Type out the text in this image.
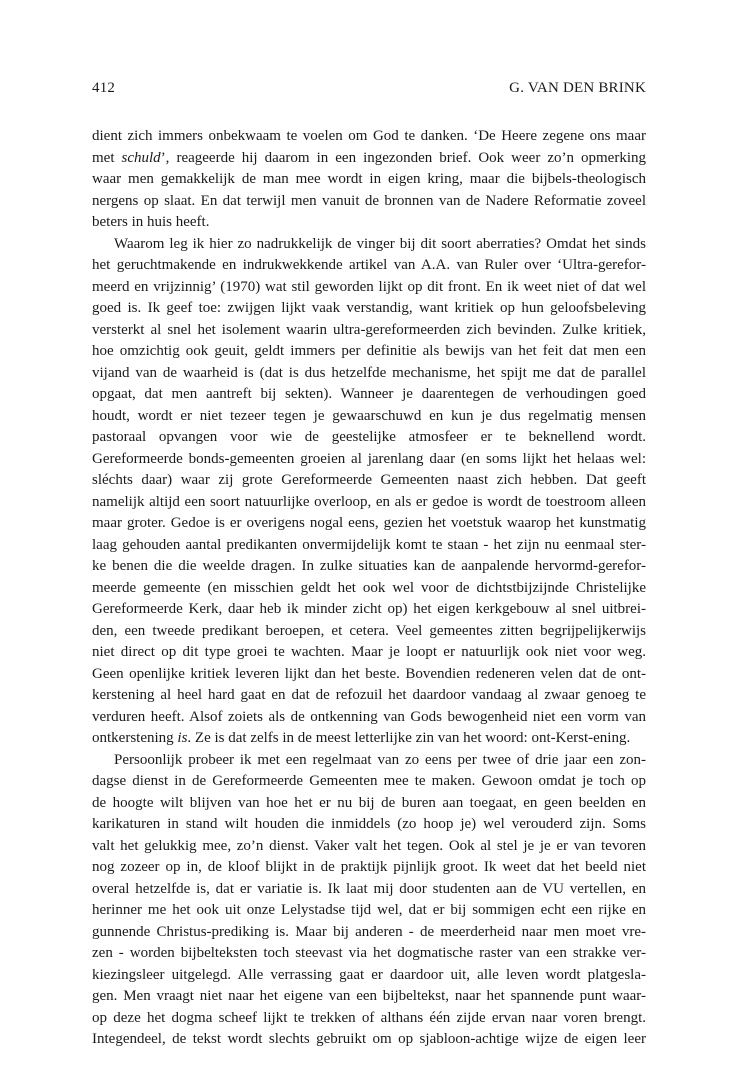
412	G. VAN DEN BRINK

dient zich immers onbekwaam te voelen om God te danken. ‘De Heere zegene ons maar
met schuld’, reageerde hij daarom in een ingezonden brief. Ook weer zo’n opmerking
waar men gemakkelijk de man mee wordt in eigen kring, maar die bijbels-theologisch
nergens op slaat. En dat terwijl men vanuit de bronnen van de Nadere Reformatie zoveel
beters in huis heeft.

Waarom leg ik hier zo nadrukkelijk de vinger bij dit soort aberraties? Omdat het sinds
het geruchtmakende en indrukwekkende artikel van A.A. van Ruler over ‘Ultra-gerefor-
meerd en vrijzinnig’ (1970) wat stil geworden lijkt op dit front. En ik weet niet of dat wel
goed is. Ik geef toe: zwijgen lijkt vaak verstandig, want kritiek op hun geloofsbeleving
versterkt al snel het isolement waarin ultra-gereformeerden zich bevinden. Zulke kritiek,
hoe omzichtig ook geuit, geldt immers per definitie als bewijs van het feit dat men een
vijand van de waarheid is (dat is dus hetzelfde mechanisme, het spijt me dat de parallel
opgaat, dat men aantreft bij sekten). Wanneer je daarentegen de verhoudingen goed
houdt, wordt er niet tezeer tegen je gewaarschuwd en kun je dus regelmatig mensen
pastoraal opvangen voor wie de geestelijke atmosfeer er te beknellend wordt.
Gereformeerde bonds-gemeenten groeien al jarenlang daar (en soms lijkt het helaas wel:
sléchts daar) waar zij grote Gereformeerde Gemeenten naast zich hebben. Dat geeft
namelijk altijd een soort natuurlijke overloop, en als er gedoe is wordt de toestroom alleen
maar groter. Gedoe is er overigens nogal eens, gezien het voetstuk waarop het kunstmatig
laag gehouden aantal predikanten onvermijdelijk komt te staan - het zijn nu eenmaal ster-
ke benen die die weelde dragen. In zulke situaties kan de aanpalende hervormd-gerefor-
meerde gemeente (en misschien geldt het ook wel voor de dichtstbijzijnde Christelijke
Gereformeerde Kerk, daar heb ik minder zicht op) het eigen kerkgebouw al snel uitbrei-
den, een tweede predikant beroepen, et cetera. Veel gemeentes zitten begrijpelijkerwijs
niet direct op dit type groei te wachten. Maar je loopt er natuurlijk ook niet voor weg.
Geen openlijke kritiek leveren lijkt dan het beste. Bovendien redeneren velen dat de ont-
kerstening al heel hard gaat en dat de refozuil het daardoor vandaag al zwaar genoeg te
verduren heeft. Alsof zoiets als de ontkenning van Gods bewogenheid niet een vorm van
ontkerstening is. Ze is dat zelfs in de meest letterlijke zin van het woord: ont-Kerst-ening.

Persoonlijk probeer ik met een regelmaat van zo eens per twee of drie jaar een zon-
dagse dienst in de Gereformeerde Gemeenten mee te maken. Gewoon omdat je toch op
de hoogte wilt blijven van hoe het er nu bij de buren aan toegaat, en geen beelden en
karikaturen in stand wilt houden die inmiddels (zo hoop je) wel verouderd zijn. Soms
valt het gelukkig mee, zo’n dienst. Vaker valt het tegen. Ook al stel je je er van tevoren
nog zozeer op in, de kloof blijkt in de praktijk pijnlijk groot. Ik weet dat het beeld niet
overal hetzelfde is, dat er variatie is. Ik laat mij door studenten aan de VU vertellen, en
herinner me het ook uit onze Lelystadse tijd wel, dat er bij sommigen echt een rijke en
gunnende Christus-prediking is. Maar bij anderen - de meerderheid naar men moet vre-
zen - worden bijbelteksten toch steevast via het dogmatische raster van een strakke ver-
kiezingsleer uitgelegd. Alle verrassing gaat er daardoor uit, alle leven wordt platgesla-
gen. Men vraagt niet naar het eigene van een bijbeltekst, naar het spannende punt waar-
op deze het dogma scheef lijkt te trekken of althans één zijde ervan naar voren brengt.
Integendeel, de tekst wordt slechts gebruikt om op sjabloon-achtige wijze de eigen leer
